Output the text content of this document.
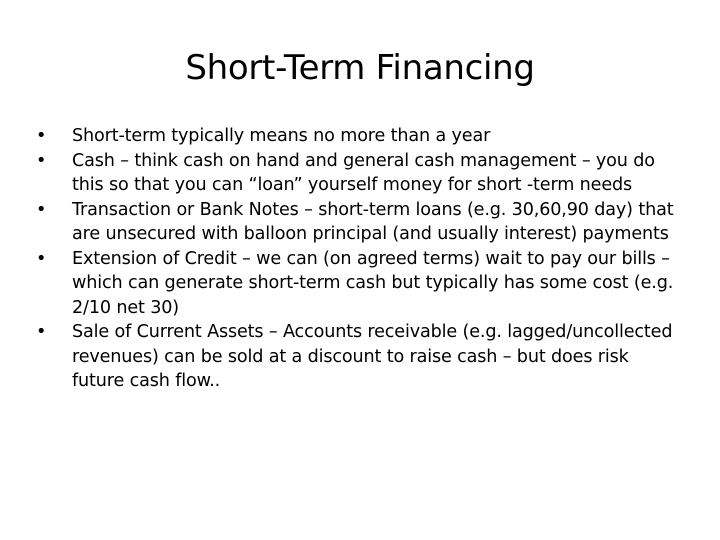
Short-Term Financing
•	Short-term typically means no more than a year
•	Cash – think cash on hand and general cash management – you do this so that you can “loan” yourself money for short -term needs
•	Transaction or Bank Notes – short-term loans (e.g. 30,60,90 day) that are unsecured with balloon principal (and usually interest) payments
•	Extension of Credit – we can (on agreed terms) wait to pay our bills – which can generate short-term cash but typically has some cost (e.g. 2/10 net 30)
•	Sale of Current Assets – Accounts receivable (e.g. lagged/uncollected revenues) can be sold at a discount to raise cash – but does risk future cash flow..
